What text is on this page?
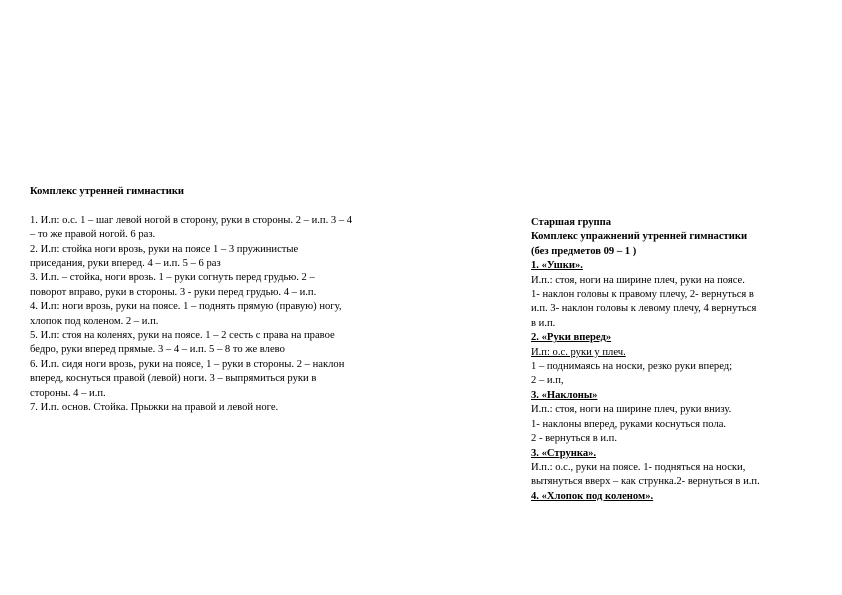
Комплекс утренней гимнастики

1. И.п: о.с. 1 – шаг левой ногой в сторону, руки в стороны. 2 – и.п. 3 – 4

– то же правой ногой. 6 раз.

2. И.п: стойка ноги врозь, руки на поясе 1 – 3 пружинистые

приседания, руки вперед. 4 – и.п. 5 – 6 раз

3. И.п. – стойка, ноги врозь. 1 – руки согнуть перед грудью. 2 –

поворот вправо, руки в стороны. 3 - руки перед грудью. 4 – и.п.

4. И.п: ноги врозь, руки на поясе. 1 – поднять прямую (правую) ногу,

хлопок под коленом. 2 – и.п.

5. И.п: стоя на коленях, руки на поясе. 1 – 2 сесть с права на правое

бедро, руки вперед прямые. 3 – 4 – и.п. 5 – 8 то же влево

6. И.п. сидя ноги врозь, руки на поясе, 1 – руки в стороны. 2 – наклон

вперед, коснуться правой (левой) ноги. 3 – выпрямиться руки в

стороны. 4 – и.п.

7. И.п. основ. Стойка. Прыжки на правой и левой ноге.

Старшая группа

Комплекс упражнений утренней гимнастики

(без предметов 09 – 1 )

1. «Ушки».

И.п.: стоя, ноги на ширине плеч, руки на поясе.

1- наклон головы к правому плечу, 2- вернуться в

и.п. 3- наклон головы к левому плечу, 4 вернуться

в и.п.

2. «Руки вперед»

И.п: о.с. руки у плеч.

1 – поднимаясь на носки, резко руки вперед;

2 – и.п,

3. «Наклоны»

И.п.: стоя, ноги на ширине плеч, руки внизу.

1- наклоны вперед, руками коснуться пола.

2 - вернуться в и.п.

3. «Струнка».

И.п.: о.с., руки на поясе. 1- подняться на носки,

вытянуться вверх – как струнка.2- вернуться в и.п.

4. «Хлопок под коленом».
